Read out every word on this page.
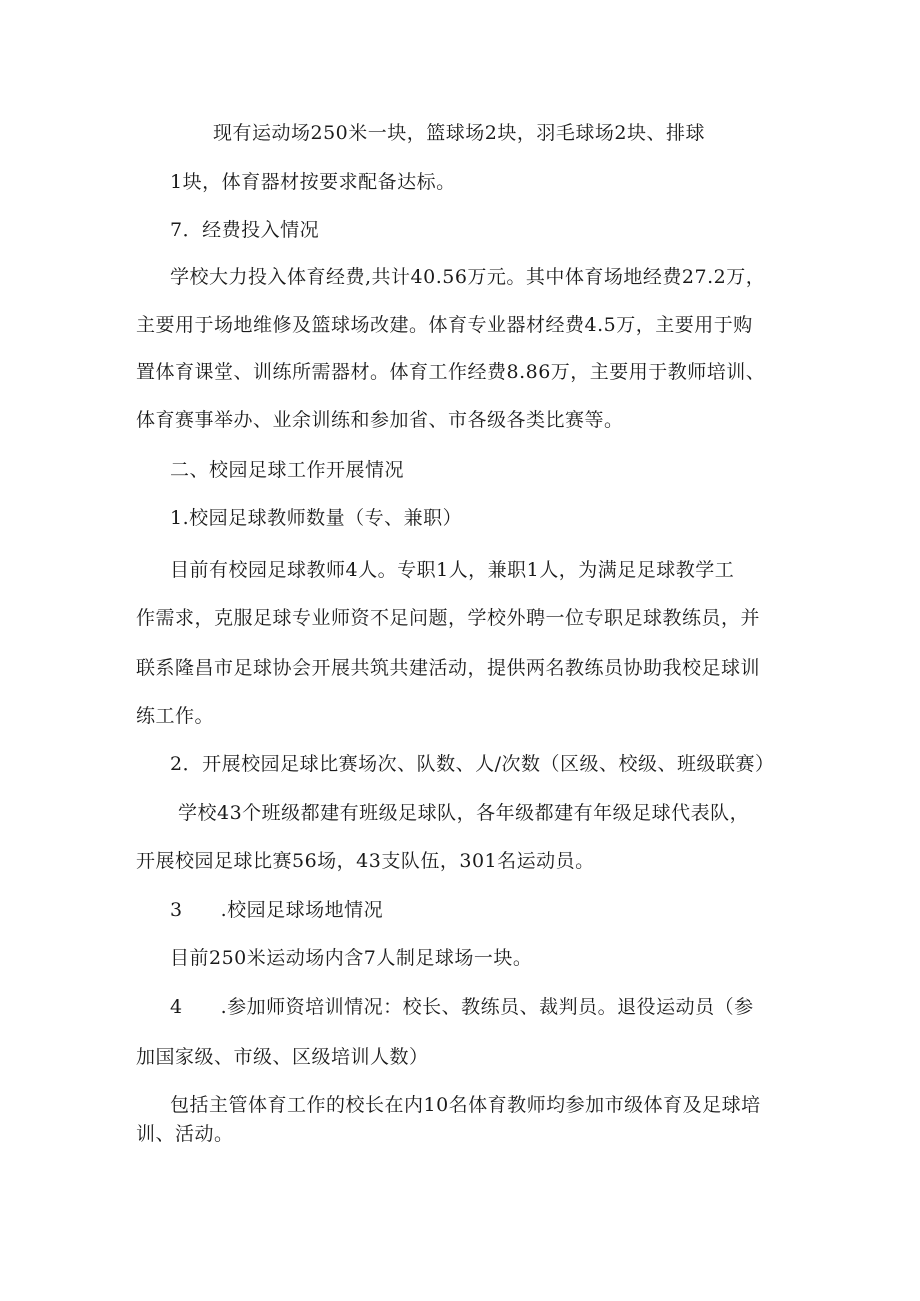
现有运动场250米一块，篮球场2块，羽毛球场2块、排球
1块，体育器材按要求配备达标。
7．经费投入情况
学校大力投入体育经费,共计40.56万元。其中体育场地经费27.2万，
主要用于场地维修及篮球场改建。体育专业器材经费4.5万，主要用于购
置体育课堂、训练所需器材。体育工作经费8.86万，主要用于教师培训、
体育赛事举办、业余训练和参加省、市各级各类比赛等。
二、校园足球工作开展情况
1.校园足球教师数量（专、兼职）
目前有校园足球教师4人。专职1人，兼职1人，为满足足球教学工
作需求，克服足球专业师资不足问题，学校外聘一位专职足球教练员，并
联系隆昌市足球协会开展共筑共建活动，提供两名教练员协助我校足球训
练工作。
2．开展校园足球比赛场次、队数、人/次数（区级、校级、班级联赛）
学校43个班级都建有班级足球队，各年级都建有年级足球代表队，
开展校园足球比赛56场，43支队伍，301名运动员。
3 .校园足球场地情况
目前250米运动场内含7人制足球场一块。
4 .参加师资培训情况：校长、教练员、裁判员。退役运动员（参
加国家级、市级、区级培训人数）
包括主管体育工作的校长在内10名体育教师均参加市级体育及足球培
训、活动。
